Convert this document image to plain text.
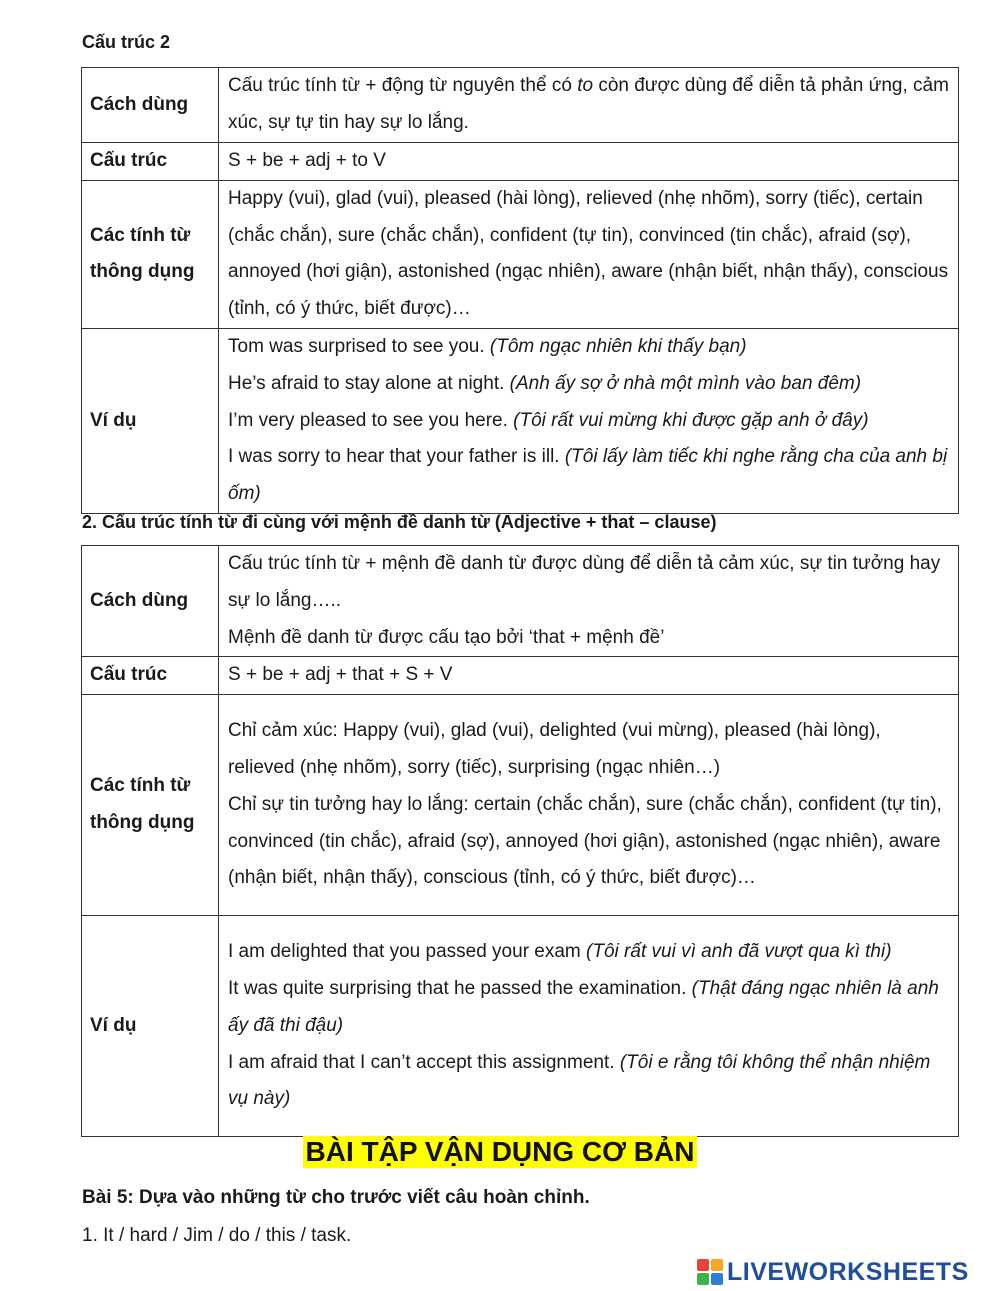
Cấu trúc 2
Cách dùng	Cấu trúc tính từ + động từ nguyên thể có to còn được dùng để diễn tả phản ứng, cảm xúc, sự tự tin hay sự lo lắng.

Cấu trúc	S + be + adj + to V
Các tính từ thông dụng	Happy (vui), glad (vui), pleased (hài lòng), relieved (nhẹ nhõm), sorry (tiếc), certain (chắc chắn), sure (chắc chắn), confident (tự tin), convinced (tin chắc), afraid (sợ), annoyed (hơi giận), astonished (ngạc nhiên), aware (nhận biết, nhận thấy), conscious (tỉnh, có ý thức, biết được)…
Ví dụ	Tom was surprised to see you. (Tôm ngạc nhiên khi thấy bạn)
He’s afraid to stay alone at night. (Anh ấy sợ ở nhà một mình vào ban đêm)
I’m very pleased to see you here. (Tôi rất vui mừng khi được gặp anh ở đây)
I was sorry to hear that your father is ill. (Tôi lấy làm tiếc khi nghe rằng cha của anh bị ốm)
2. Cấu trúc tính từ đi cùng với mệnh đề danh từ (Adjective + that – clause)
Cách dùng	Cấu trúc tính từ + mệnh đề danh từ được dùng để diễn tả cảm xúc, sự tin tưởng hay sự lo lắng…..
Mệnh đề danh từ được cấu tạo bởi ‘that + mệnh đề’

Cấu trúc	S + be + adj + that + S + V
Các tính từ thông dụng	Chỉ cảm xúc: Happy (vui), glad (vui), delighted (vui mừng), pleased (hài lòng), relieved (nhẹ nhõm), sorry (tiếc), surprising (ngạc nhiên…)
Chỉ sự tin tưởng hay lo lắng: certain (chắc chắn), sure (chắc chắn), confident (tự tin), convinced (tin chắc), afraid (sợ), annoyed (hơi giận), astonished (ngạc nhiên), aware (nhận biết, nhận thấy), conscious (tỉnh, có ý thức, biết được)…

Ví dụ	I am delighted that you passed your exam (Tôi rất vui vì anh đã vượt qua kì thi)
It was quite surprising that he passed the examination. (Thật đáng ngạc nhiên là anh ấy đã thi đậu)
I am afraid that I can’t accept this assignment. (Tôi e rằng tôi không thể nhận nhiệm vụ này)
BÀI TẬP VẬN DỤNG CƠ BẢN
Bài 5: Dựa vào những từ cho trước viết câu hoàn chỉnh.
1. It / hard / Jim / do / this / task.
LIVEWORKSHEETS
